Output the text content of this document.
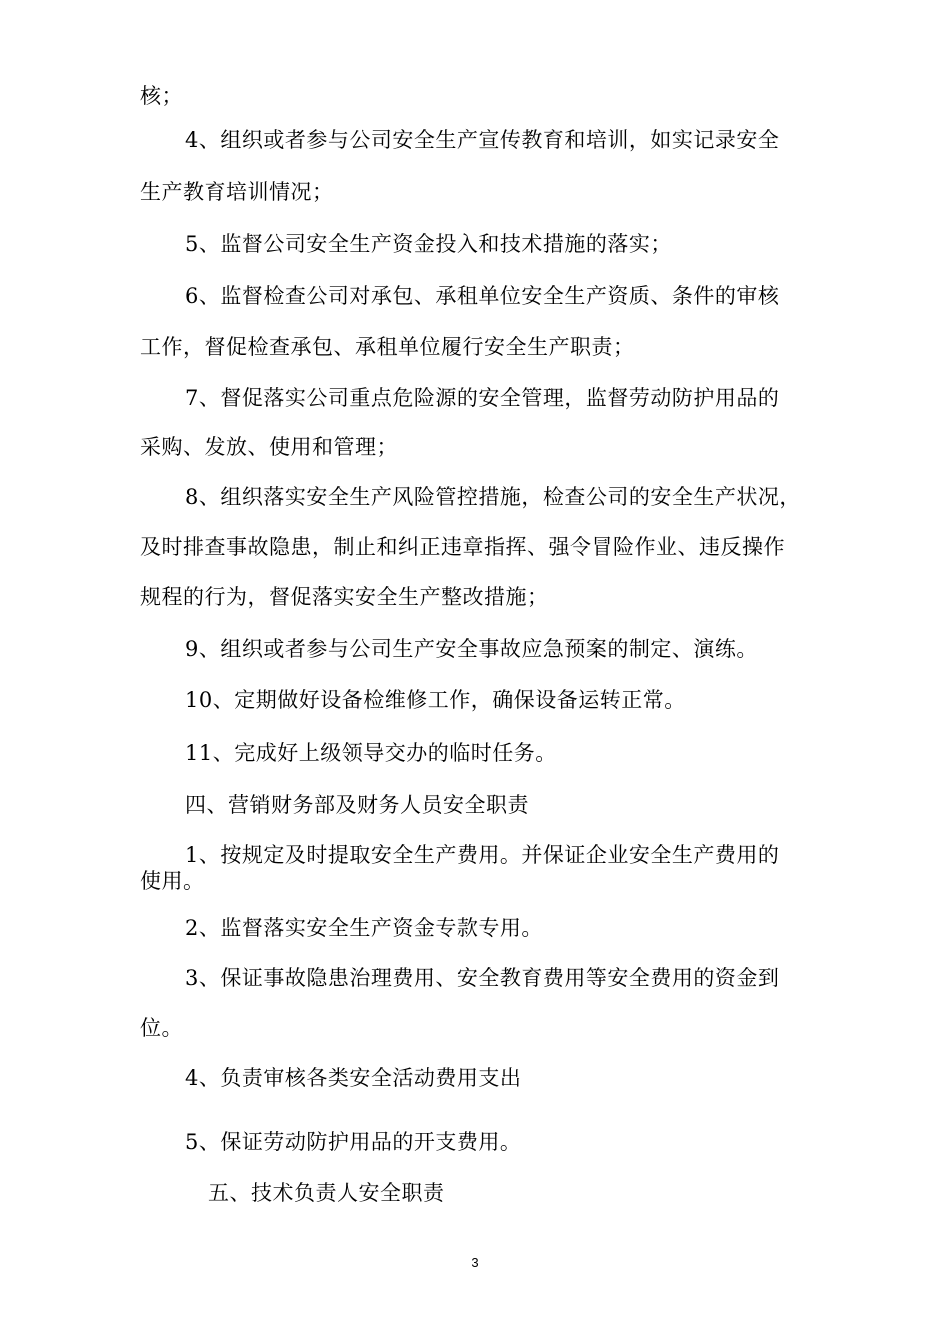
核；
4、组织或者参与公司安全生产宣传教育和培训，如实记录安全
生产教育培训情况；
5、监督公司安全生产资金投入和技术措施的落实；
6、监督检查公司对承包、承租单位安全生产资质、条件的审核
工作，督促检查承包、承租单位履行安全生产职责；
7、督促落实公司重点危险源的安全管理，监督劳动防护用品的
采购、发放、使用和管理；
8、组织落实安全生产风险管控措施，检查公司的安全生产状况，
及时排查事故隐患，制止和纠正违章指挥、强令冒险作业、违反操作
规程的行为，督促落实安全生产整改措施；
9、组织或者参与公司生产安全事故应急预案的制定、演练。
10、定期做好设备检维修工作，确保设备运转正常。
11、完成好上级领导交办的临时任务。
四、营销财务部及财务人员安全职责
1、按规定及时提取安全生产费用。并保证企业安全生产费用的
使用。
2、监督落实安全生产资金专款专用。
3、保证事故隐患治理费用、安全教育费用等安全费用的资金到
位。
4、负责审核各类安全活动费用支出
5、保证劳动防护用品的开支费用。
五、技术负责人安全职责
3
